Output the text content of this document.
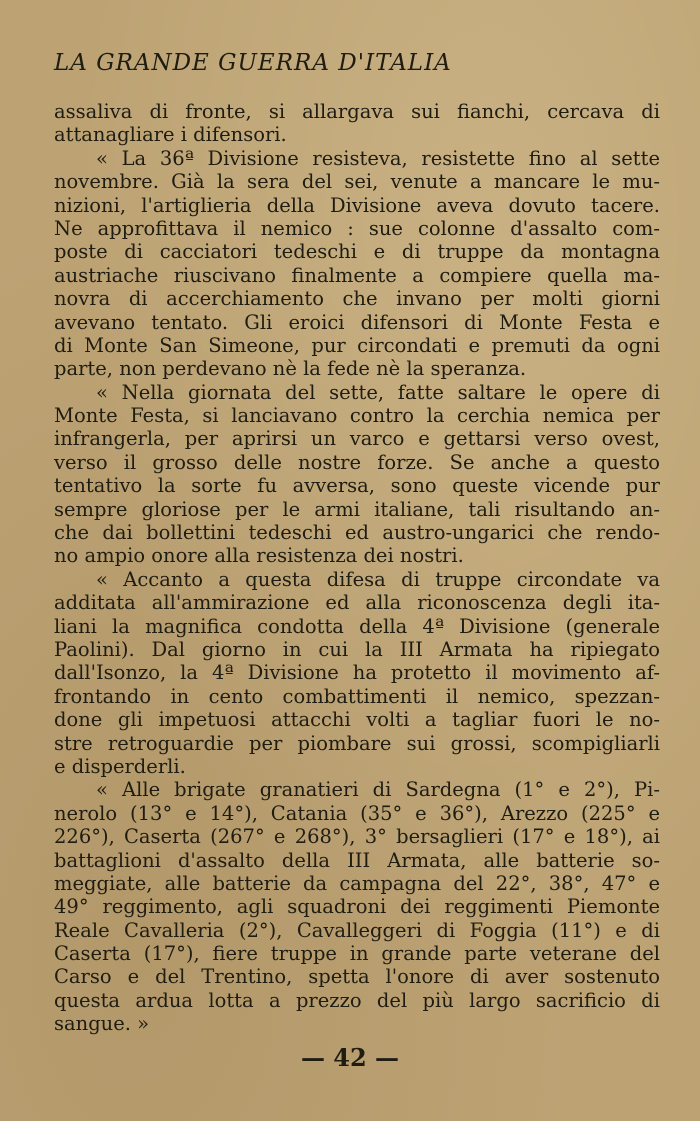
LA GRANDE GUERRA D'ITALIA
assaliva di fronte, si allargava sui fianchi, cercava di
attanagliare i difensori.
« La 36ª Divisione resisteva, resistette fino al sette
novembre. Già la sera del sei, venute a mancare le mu-
nizioni, l'artiglieria della Divisione aveva dovuto tacere.
Ne approfittava il nemico : sue colonne d'assalto com-
poste di cacciatori tedeschi e di truppe da montagna
austriache riuscivano finalmente a compiere quella ma-
novra di accerchiamento che invano per molti giorni
avevano tentato. Gli eroici difensori di Monte Festa e
di Monte San Simeone, pur circondati e premuti da ogni
parte, non perdevano nè la fede nè la speranza.
« Nella giornata del sette, fatte saltare le opere di
Monte Festa, si lanciavano contro la cerchia nemica per
infrangerla, per aprirsi un varco e gettarsi verso ovest,
verso il grosso delle nostre forze. Se anche a questo
tentativo la sorte fu avversa, sono queste vicende pur
sempre gloriose per le armi italiane, tali risultando an-
che dai bollettini tedeschi ed austro-ungarici che rendo-
no ampio onore alla resistenza dei nostri.
« Accanto a questa difesa di truppe circondate va
additata all'ammirazione ed alla riconoscenza degli ita-
liani la magnifica condotta della 4ª Divisione (generale
Paolini). Dal giorno in cui la III Armata ha ripiegato
dall'Isonzo, la 4ª Divisione ha protetto il movimento af-
frontando in cento combattimenti il nemico, spezzan-
done gli impetuosi attacchi volti a tagliar fuori le no-
stre retroguardie per piombare sui grossi, scompigliarli
e disperderli.
« Alle brigate granatieri di Sardegna (1° e 2°), Pi-
nerolo (13° e 14°), Catania (35° e 36°), Arezzo (225° e
226°), Caserta (267° e 268°), 3° bersaglieri (17° e 18°), ai
battaglioni d'assalto della III Armata, alle batterie so-
meggiate, alle batterie da campagna del 22°, 38°, 47° e
49° reggimento, agli squadroni dei reggimenti Piemonte
Reale Cavalleria (2°), Cavalleggeri di Foggia (11°) e di
Caserta (17°), fiere truppe in grande parte veterane del
Carso e del Trentino, spetta l'onore di aver sostenuto
questa ardua lotta a prezzo del più largo sacrificio di
sangue. »
— 42 —
